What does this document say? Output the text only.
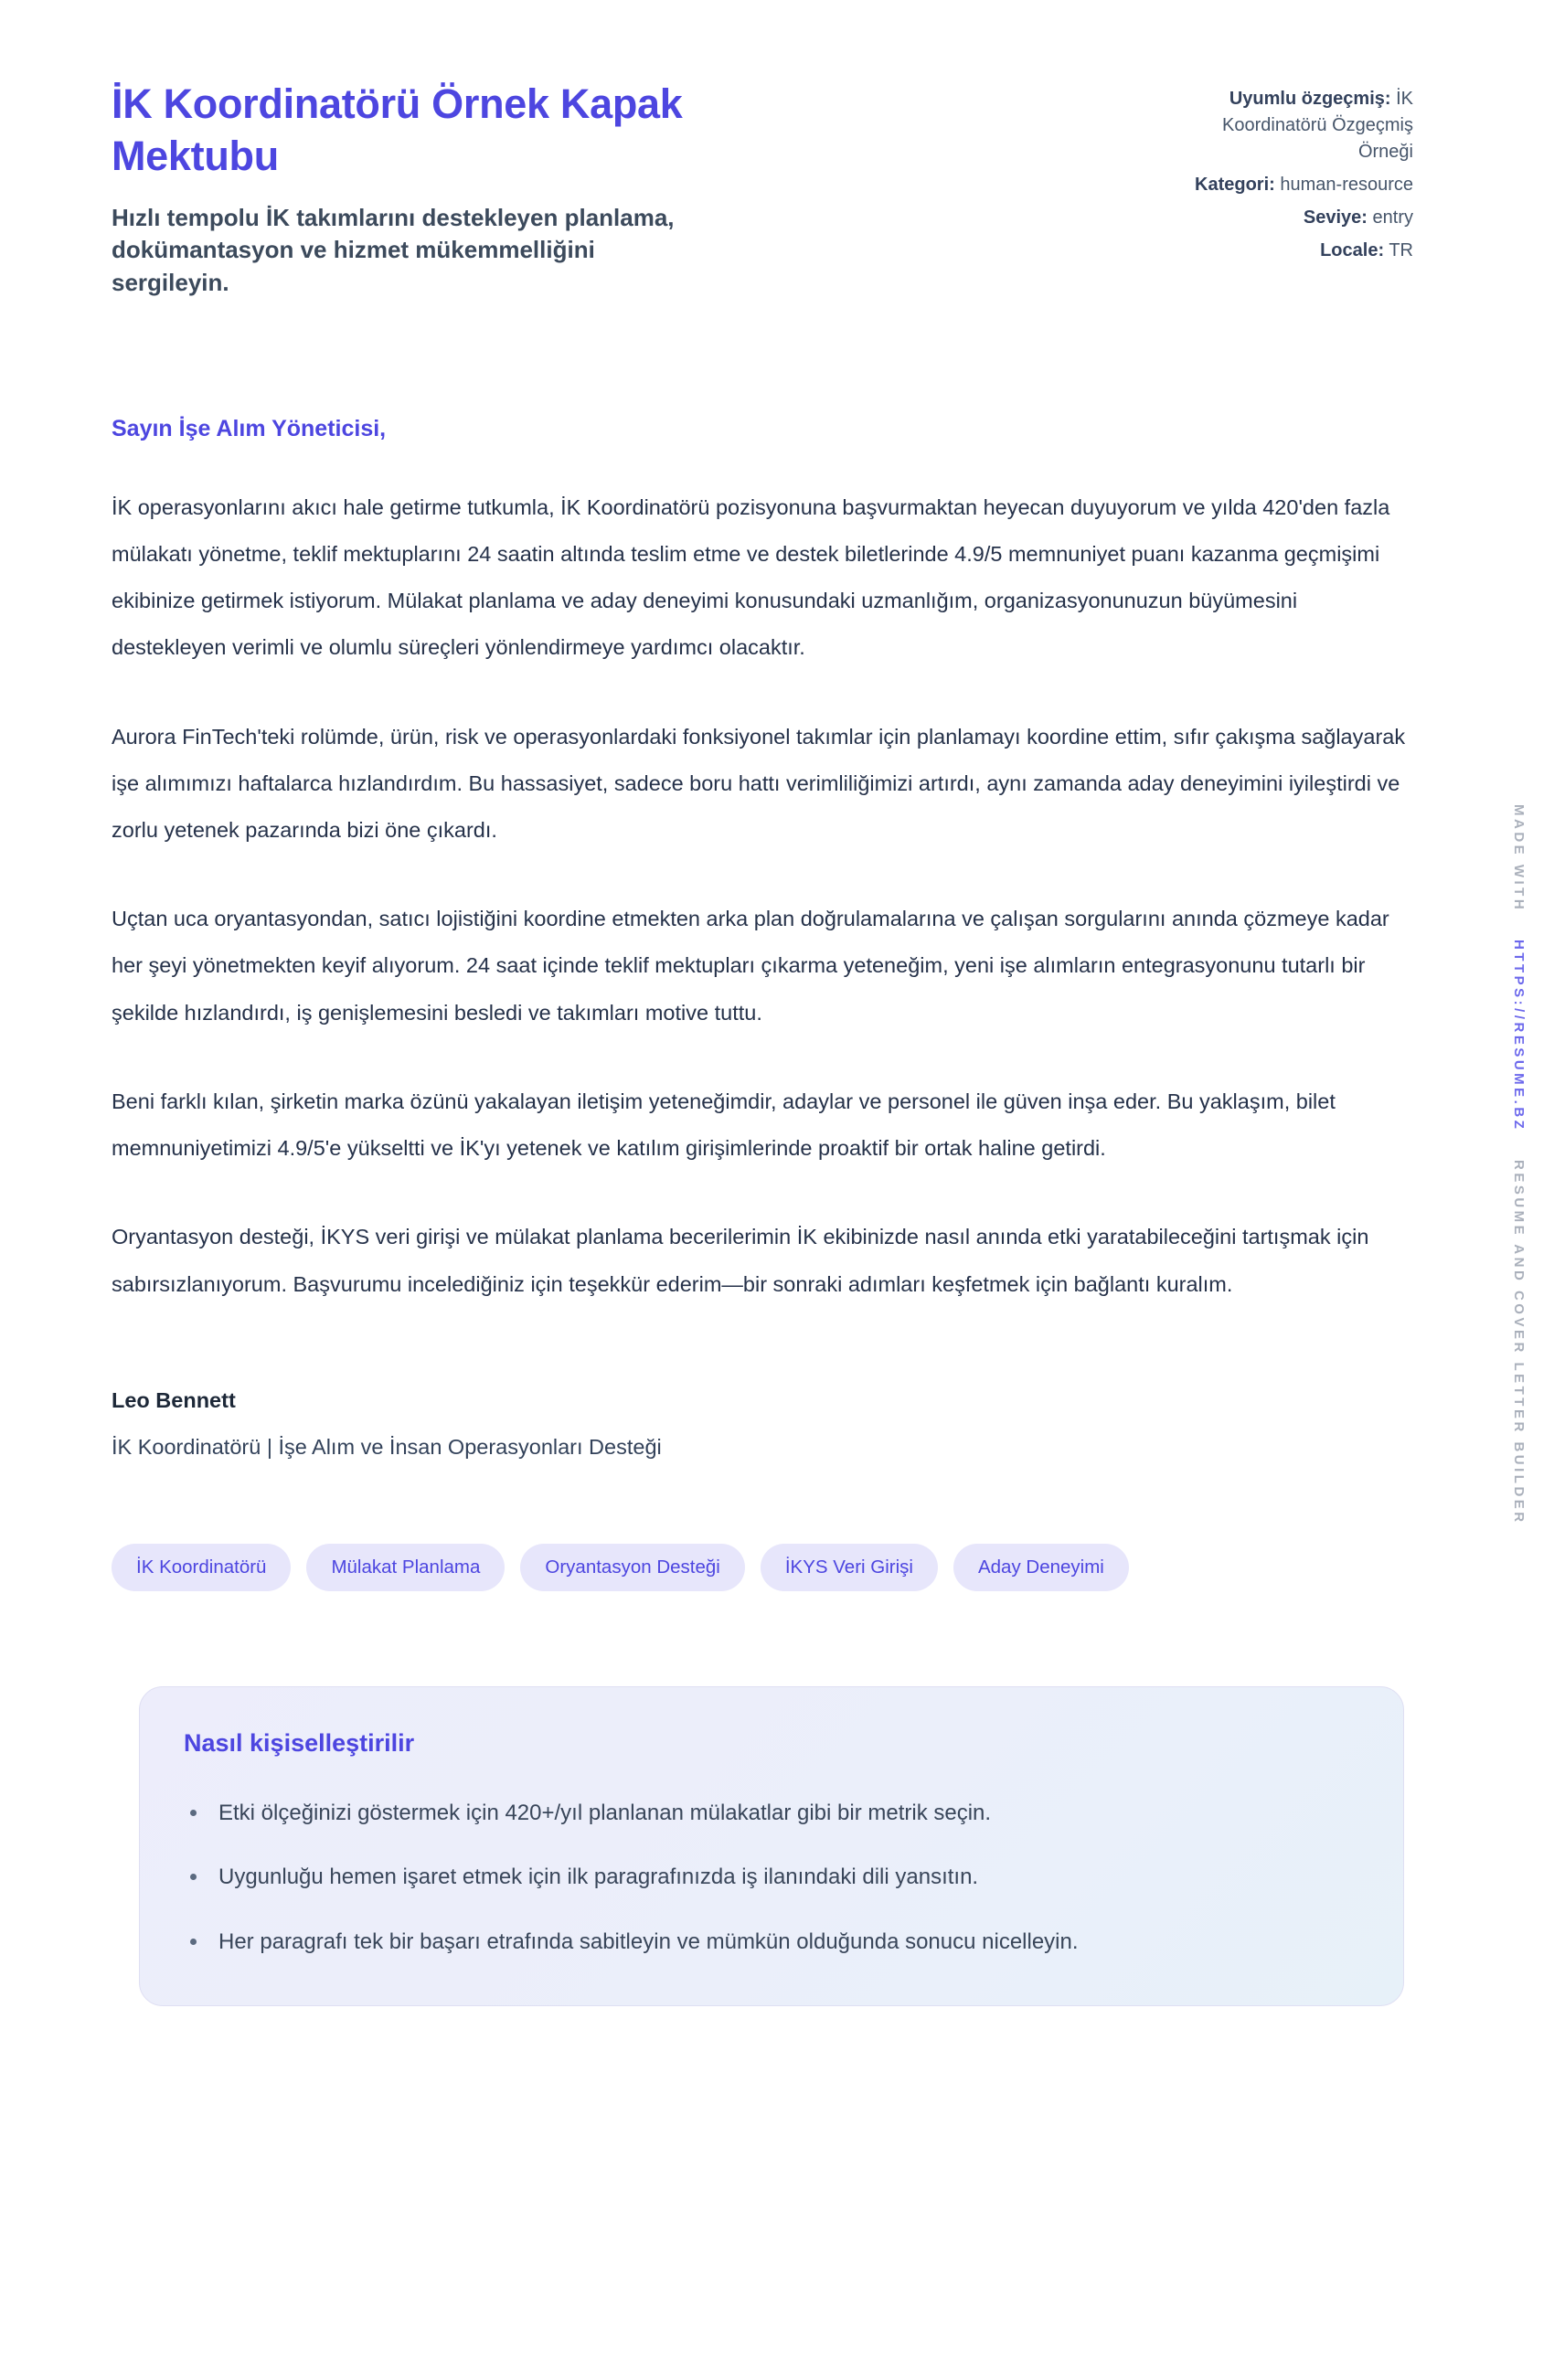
İK Koordinatörü Örnek Kapak Mektubu
Hızlı tempolu İK takımlarını destekleyen planlama, dokümantasyon ve hizmet mükemmelliğini sergileyin.
Uyumlu özgeçmiş: İK Koordinatörü Özgeçmiş Örneği
Kategori: human-resource
Seviye: entry
Locale: TR
Sayın İşe Alım Yöneticisi,

İK operasyonlarını akıcı hale getirme tutkumla, İK Koordinatörü pozisyonuna başvurmaktan heyecan duyuyorum ve yılda 420'den fazla mülakatı yönetme, teklif mektuplarını 24 saatin altında teslim etme ve destek biletlerinde 4.9/5 memnuniyet puanı kazanma geçmişimi ekibinize getirmek istiyorum. Mülakat planlama ve aday deneyimi konusundaki uzmanlığım, organizasyonunuzun büyümesini destekleyen verimli ve olumlu süreçleri yönlendirmeye yardımcı olacaktır.

Aurora FinTech'teki rolümde, ürün, risk ve operasyonlardaki fonksiyonel takımlar için planlamayı koordine ettim, sıfır çakışma sağlayarak işe alımımızı haftalarca hızlandırdım. Bu hassasiyet, sadece boru hattı verimliliğimizi artırdı, aynı zamanda aday deneyimini iyileştirdi ve zorlu yetenek pazarında bizi öne çıkardı.

Uçtan uca oryantasyondan, satıcı lojistiğini koordine etmekten arka plan doğrulamalarına ve çalışan sorgularını anında çözmeye kadar her şeyi yönetmekten keyif alıyorum. 24 saat içinde teklif mektupları çıkarma yeteneğim, yeni işe alımların entegrasyonunu tutarlı bir şekilde hızlandırdı, iş genişlemesini besledi ve takımları motive tuttu.

Beni farklı kılan, şirketin marka özünü yakalayan iletişim yeteneğimdir, adaylar ve personel ile güven inşa eder. Bu yaklaşım, bilet memnuniyetimizi 4.9/5'e yükseltti ve İK'yı yetenek ve katılım girişimlerinde proaktif bir ortak haline getirdi.

Oryantasyon desteği, İKYS veri girişi ve mülakat planlama becerilerimin İK ekibinizde nasıl anında etki yaratabileceğini tartışmak için sabırsızlanıyorum. Başvurumu incelediğiniz için teşekkür ederim—bir sonraki adımları keşfetmek için bağlantı kuralım.

Leo Bennett
İK Koordinatörü | İşe Alım ve İnsan Operasyonları Desteği
İK Koordinatörü	Mülakat Planlama	Oryantasyon Desteği	İKYS Veri Girişi	Aday Deneyimi
Nasıl kişiselleştirilir
• Etki ölçeğinizi göstermek için 420+/yıl planlanan mülakatlar gibi bir metrik seçin.
• Uygunluğu hemen işaret etmek için ilk paragrafınızda iş ilanındaki dili yansıtın.
• Her paragrafı tek bir başarı etrafında sabitleyin ve mümkün olduğunda sonucu nicelleyin.
MADE WITH
HTTPS://RESUME.BZ
RESUME AND COVER LETTER BUILDER
